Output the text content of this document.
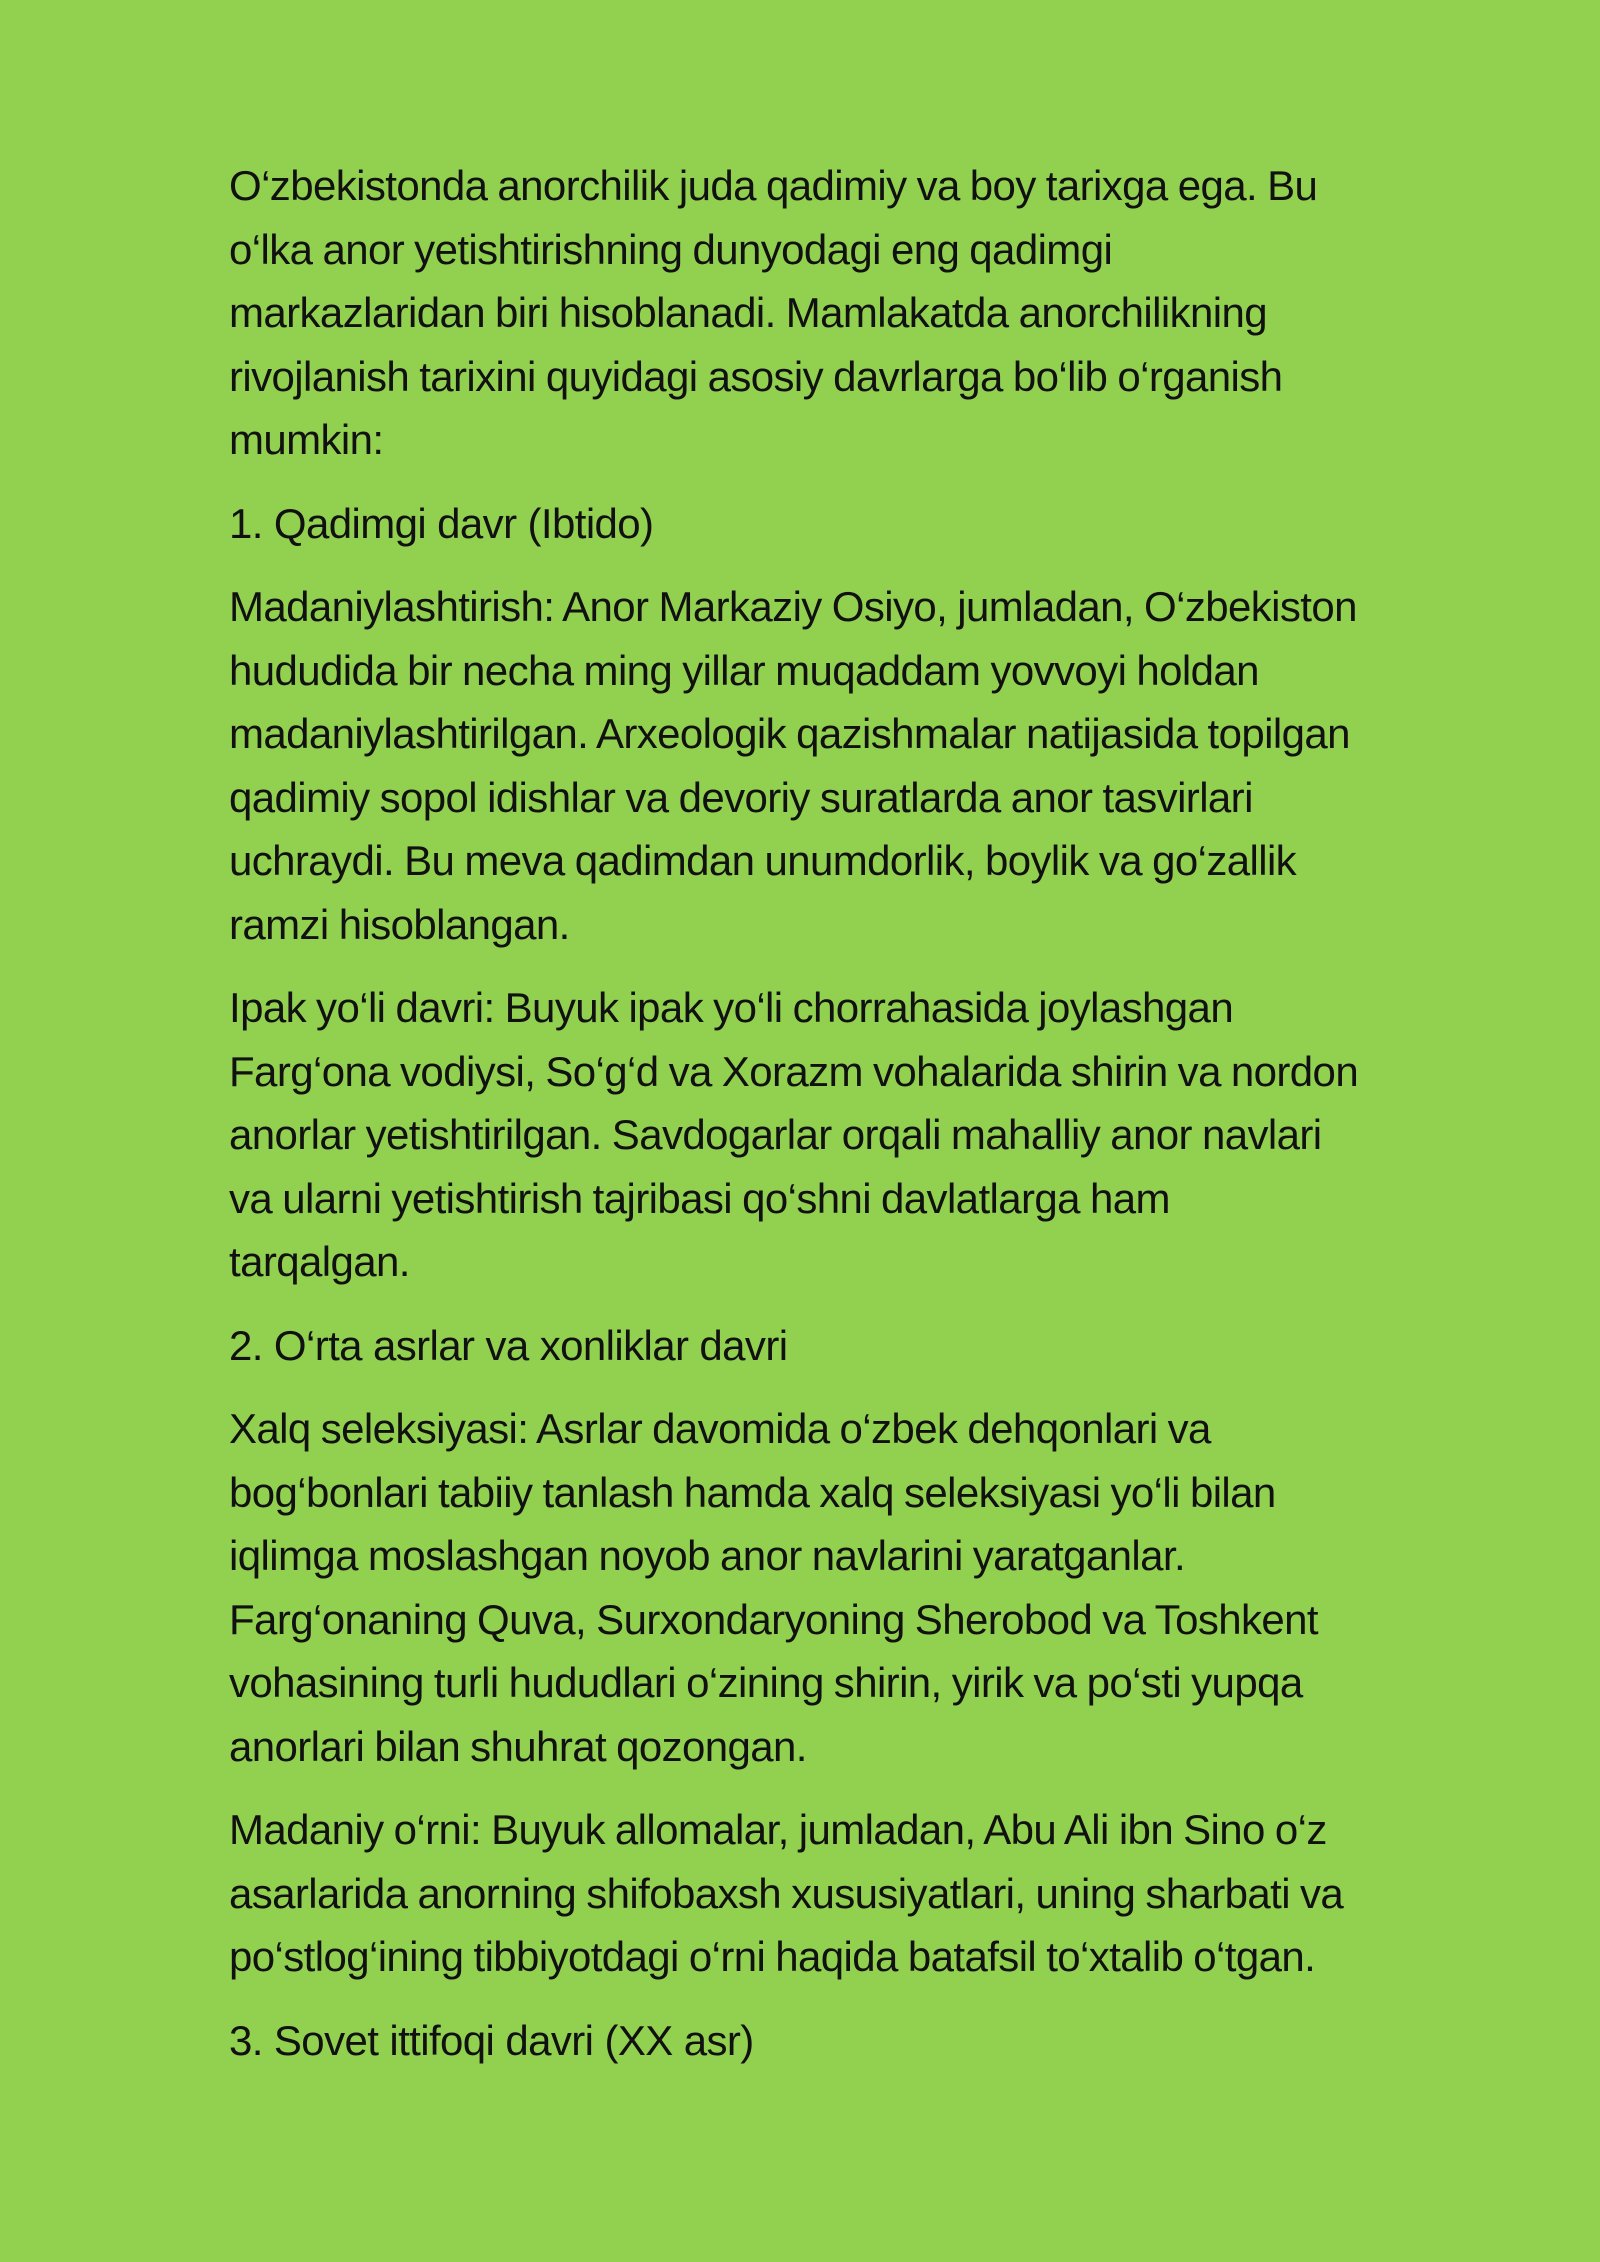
O‘zbekistonda anorchilik juda qadimiy va boy tarixga ega. Bu
o‘lka anor yetishtirishning dunyodagi eng qadimgi
markazlaridan biri hisoblanadi. Mamlakatda anorchilikning
rivojlanish tarixini quyidagi asosiy davrlarga bo‘lib o‘rganish
mumkin:

1. Qadimgi davr (Ibtido)

Madaniylashtirish: Anor Markaziy Osiyo, jumladan, O‘zbekiston
hududida bir necha ming yillar muqaddam yovvoyi holdan
madaniylashtirilgan. Arxeologik qazishmalar natijasida topilgan
qadimiy sopol idishlar va devoriy suratlarda anor tasvirlari
uchraydi. Bu meva qadimdan unumdorlik, boylik va go‘zallik
ramzi hisoblangan.

Ipak yo‘li davri: Buyuk ipak yo‘li chorrahasida joylashgan
Farg‘ona vodiysi, So‘g‘d va Xorazm vohalarida shirin va nordon
anorlar yetishtirilgan. Savdogarlar orqali mahalliy anor navlari
va ularni yetishtirish tajribasi qo‘shni davlatlarga ham
tarqalgan.

2. O‘rta asrlar va xonliklar davri

Xalq seleksiyasi: Asrlar davomida o‘zbek dehqonlari va
bog‘bonlari tabiiy tanlash hamda xalq seleksiyasi yo‘li bilan
iqlimga moslashgan noyob anor navlarini yaratganlar.
Farg‘onaning Quva, Surxondaryoning Sherobod va Toshkent
vohasining turli hududlari o‘zining shirin, yirik va po‘sti yupqa
anorlari bilan shuhrat qozongan.

Madaniy o‘rni: Buyuk allomalar, jumladan, Abu Ali ibn Sino o‘z
asarlarida anorning shifobaxsh xususiyatlari, uning sharbati va
po‘stlog‘ining tibbiyotdagi o‘rni haqida batafsil to‘xtalib o‘tgan.

3. Sovet ittifoqi davri (XX asr)
